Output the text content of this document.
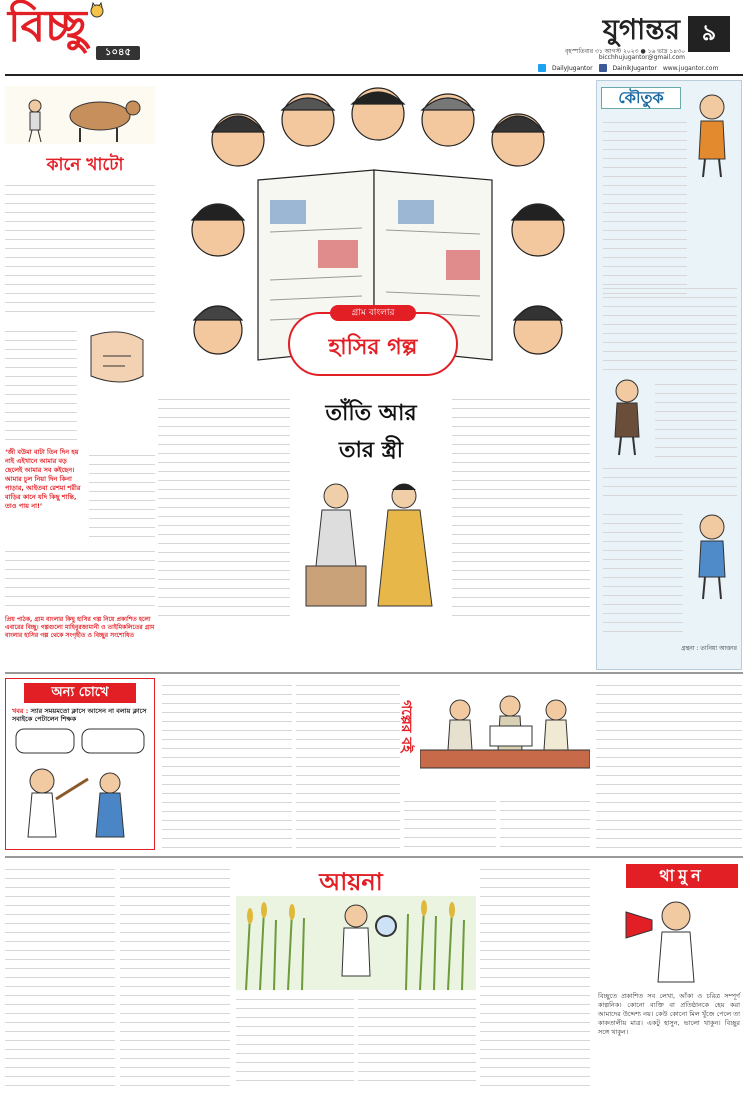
বিচ্ছু
১০৪৫
যুগান্তর ৯
বৃহস্পতিবার ৩১ আগস্ট ২০২৩ ● ১৬ ভাদ্র ১৪৩০
bicchhujugantor@gmail.com
DailyJugantor	DainikJugantor www.jugantor.com
কানে খাটো
‘জী বউমা বাটা তিন দিন হয় নাই এইখানে আমার বড় ছেলেই আমার সব কইছেন। আমার চুল নিয়া দিন কিনা পাড়ার, আইতবা রেশমা শরীর বাড়ির কানে যদি কিছু শান্তি, তাও পায় না!’
প্রিয় পাঠক, গ্রাম বাংলার কিছু হাসির গল্প নিয়ে প্রকাশিত হলো এবারের বিচ্ছু। গল্পগুলো মাহিবুরজামানী ও তাইমিকলিতের গ্রাম বাংলার হাসির গল্প থেকে সংগৃহীত ও বিচ্ছুর সংশোধিত
গ্রাম বাংলার
হাসির গল্প
তাঁতি আর
তার স্ত্রী
কৌতুক
গ্রন্থনা : তানিয়া আক্তার
অন্য চোখে
খবর : স্যার সময়মতো ক্লাসে আসেন না বলায় ক্লাসে সবাইকে পেটালেন শিক্ষক	গল্পের বই
আয়না	থামুন
বিচ্ছুতে প্রকাশিত সব লেখা, আঁকা ও চরিত্র সম্পূর্ণ কাল্পনিক। কোনো ব্যক্তি বা প্রতিষ্ঠানকে হেয় করা আমাদের উদ্দেশ্য নয়। কেউ কোনো মিল খুঁজে পেলে তা কাকতালীয় মাত্র। একটু হাসুন, ভালো থাকুন। বিচ্ছুর সঙ্গে থাকুন।
